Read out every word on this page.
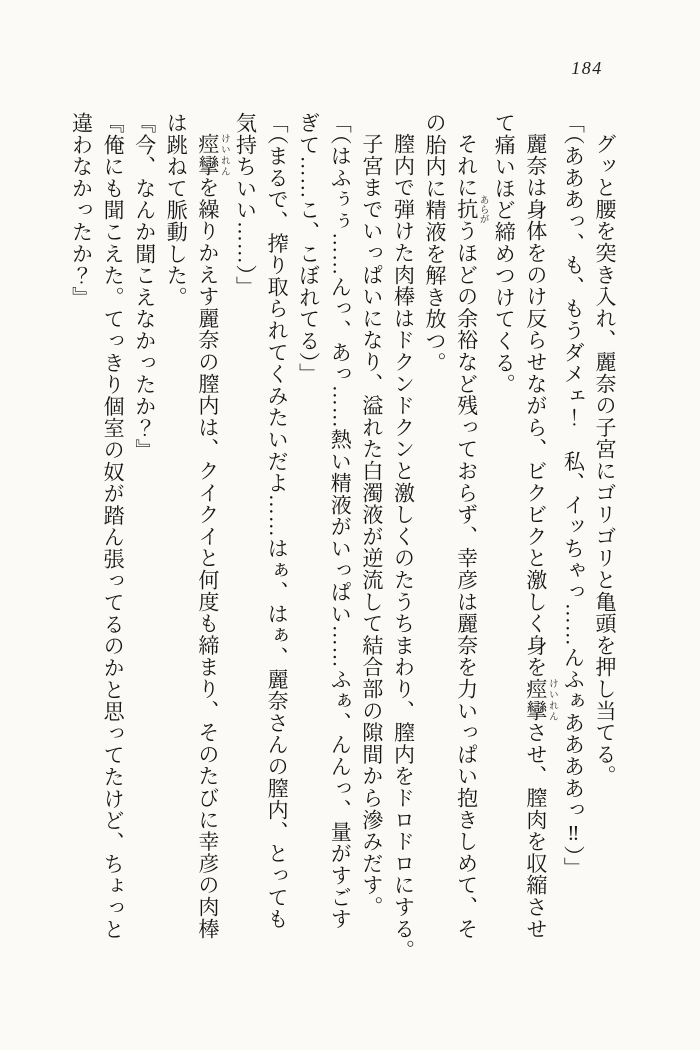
184
グッと腰を突き入れ、麗奈の子宮にゴリゴリと亀頭を押し当てる。
「（あああっ、も、もうダメェ！　私、イッちゃっ……んふぁああああっ‼）」
麗奈は身体をのけ反らせながら、ビクビクと激しく身を痙攣 けいれんさせ、膣肉を収縮させ
て痛いほど締めつけてくる。
それに抗 あらがうほどの余裕など残っておらず、幸彦は麗奈を力いっぱい抱きしめて、そ
の胎内に精液を解き放つ。
膣内で弾けた肉棒はドクンドクンと激しくのたうちまわり、膣内をドロドロにする。
子宮までいっぱいになり、溢れた白濁液が逆流して結合部の隙間から滲みだす。
「（はふぅぅ……んっ、あっ……熱い精液がいっぱい……ふぁ、んんっ、量がすごす
ぎて……こ、こぼれてる）」
「（まるで、搾り取られてくみたいだよ……はぁ、はぁ、麗奈さんの膣内、とっても
気持ちいい……）」
痙攣 けいれんを繰りかえす麗奈の膣内は、クイクイと何度も締まり、そのたびに幸彦の肉棒
は跳ねて脈動した。
『今、なんか聞こえなかったか？』
『俺にも聞こえた。てっきり個室の奴が踏ん張ってるのかと思ってたけど、ちょっと
違わなかったか？』
